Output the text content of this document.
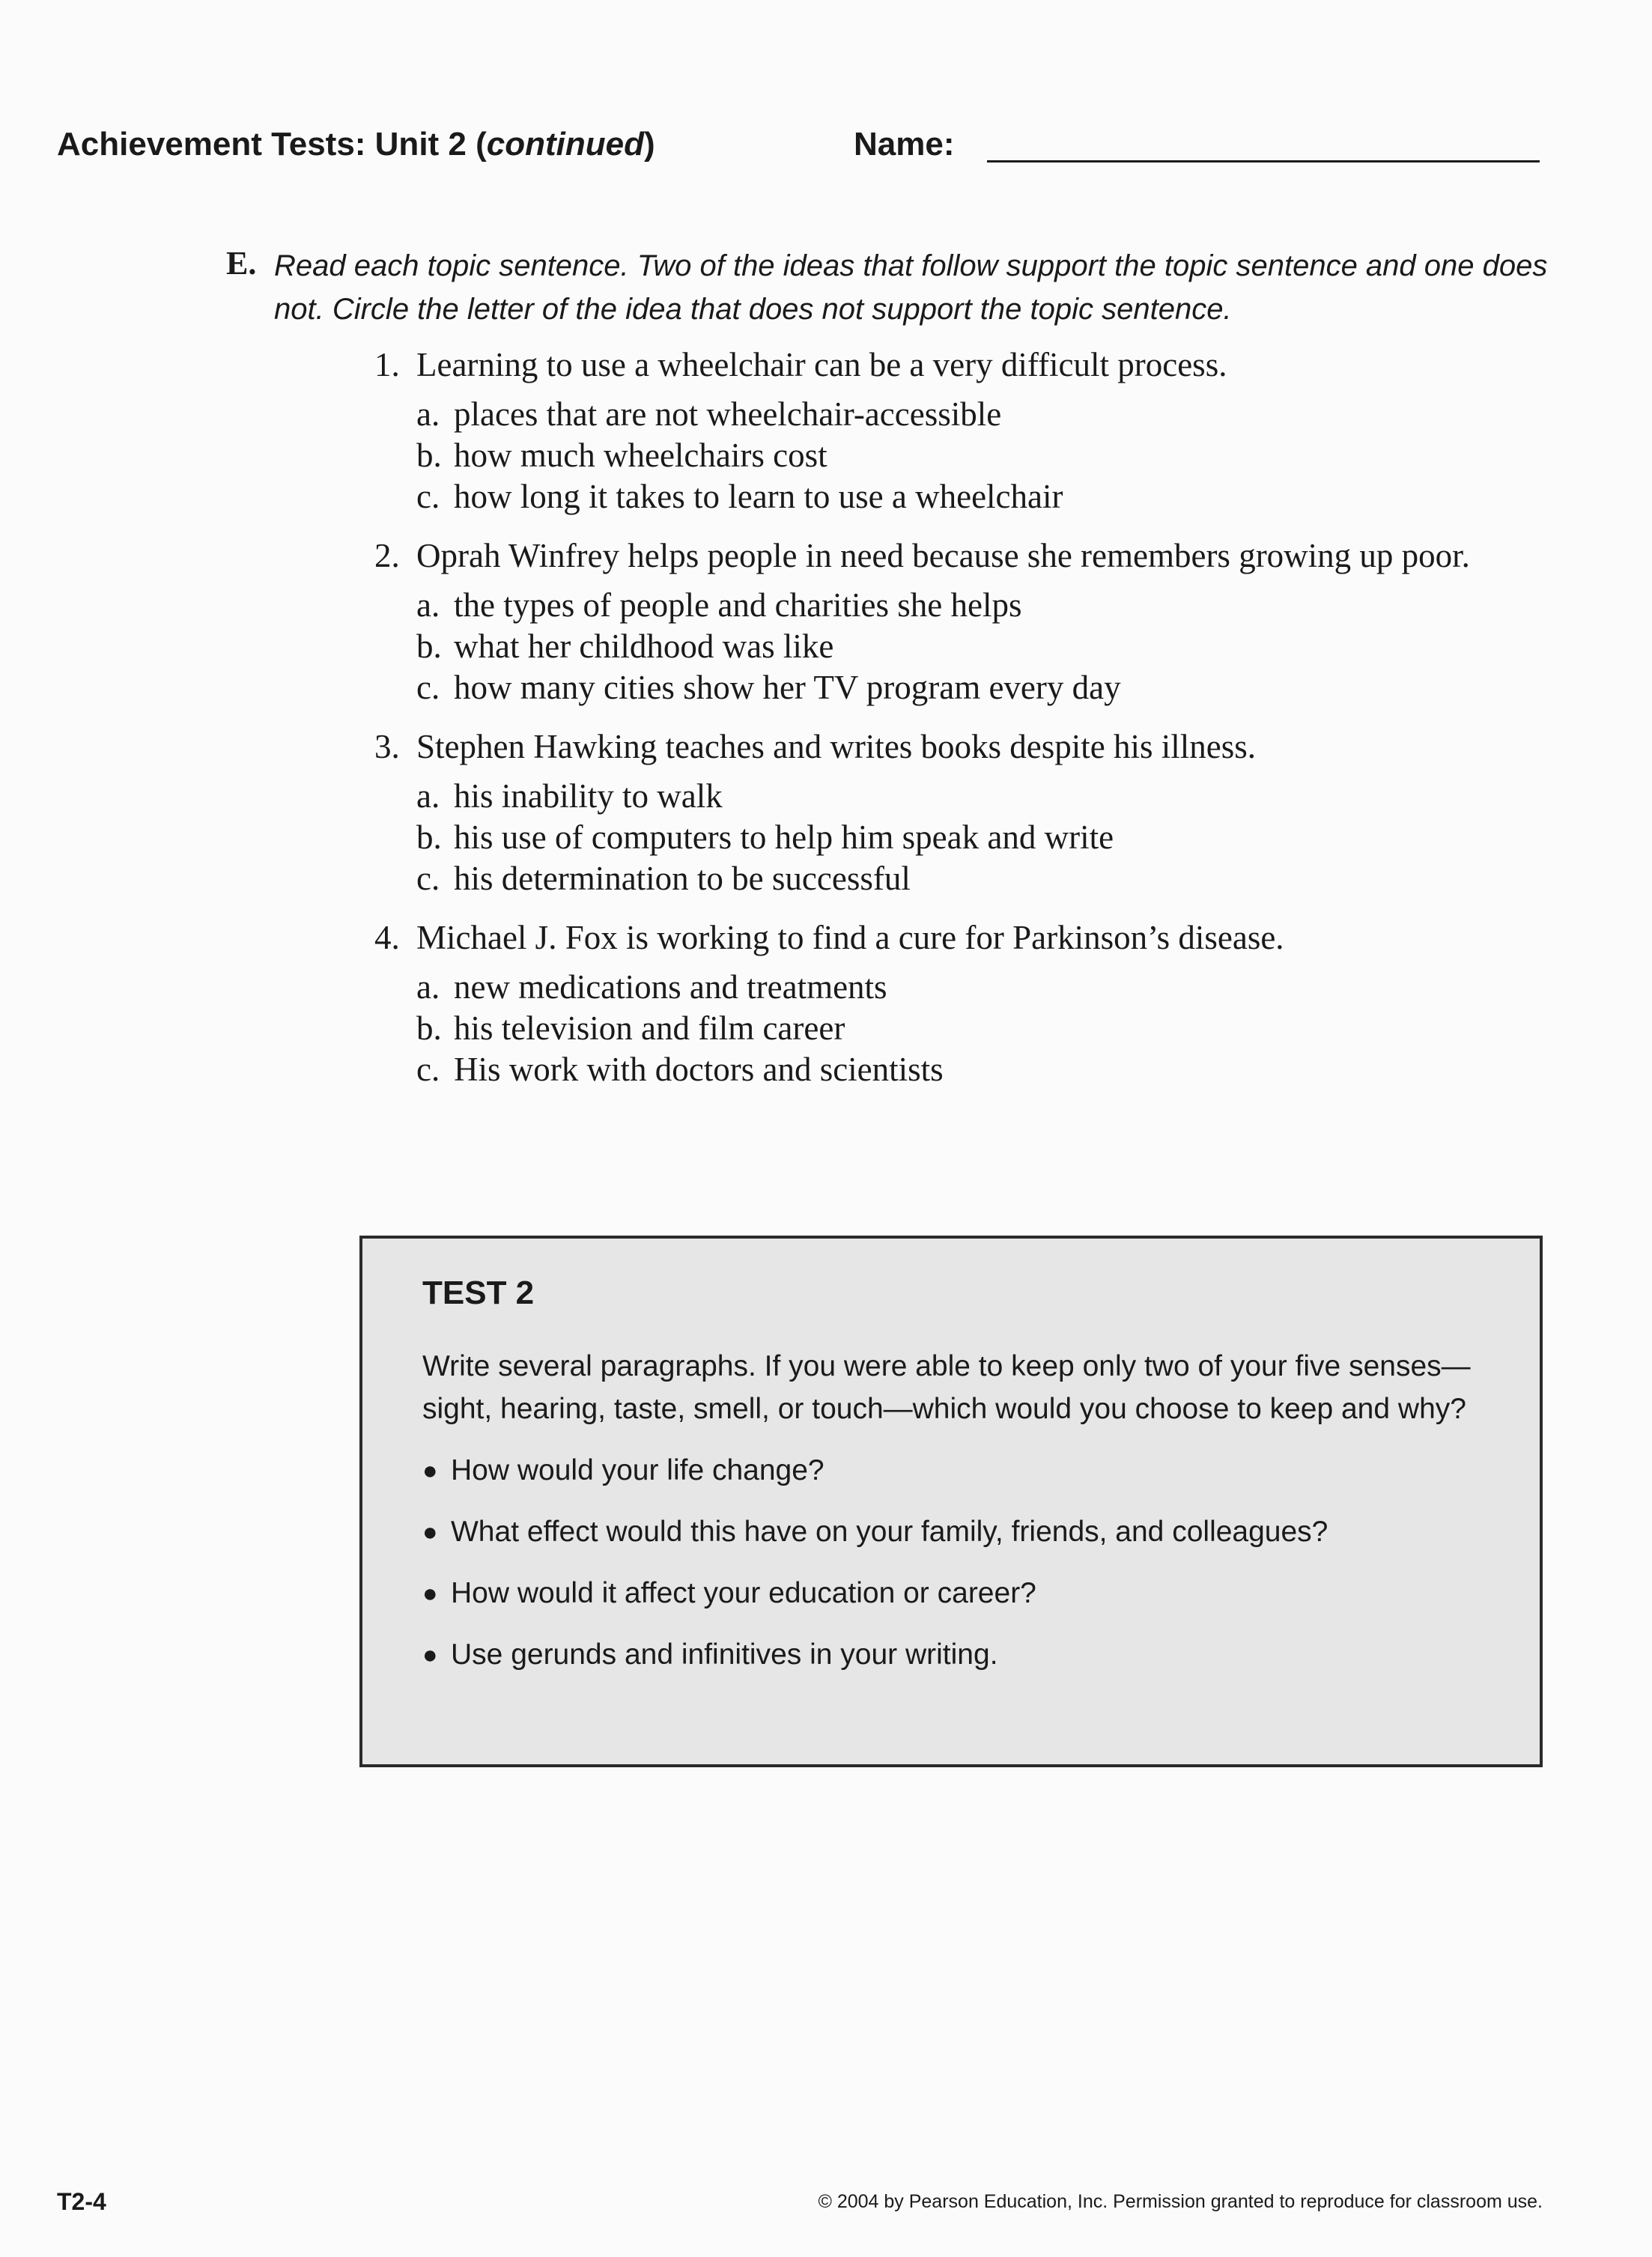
Achievement Tests: Unit 2 (continued)	Name:
E. Read each topic sentence. Two of the ideas that follow support the topic sentence and one does not. Circle the letter of the idea that does not support the topic sentence.
1. Learning to use a wheelchair can be a very difficult process.
a. places that are not wheelchair-accessible
b. how much wheelchairs cost
c. how long it takes to learn to use a wheelchair
2. Oprah Winfrey helps people in need because she remembers growing up poor.
a. the types of people and charities she helps
b. what her childhood was like
c. how many cities show her TV program every day
3. Stephen Hawking teaches and writes books despite his illness.
a. his inability to walk
b. his use of computers to help him speak and write
c. his determination to be successful
4. Michael J. Fox is working to find a cure for Parkinson’s disease.
a. new medications and treatments
b. his television and film career
c. His work with doctors and scientists
TEST 2
Write several paragraphs. If you were able to keep only two of your five senses—sight, hearing, taste, smell, or touch—which would you choose to keep and why?
● How would your life change?
● What effect would this have on your family, friends, and colleagues?
● How would it affect your education or career?
● Use gerunds and infinitives in your writing.
T2-4	© 2004 by Pearson Education, Inc. Permission granted to reproduce for classroom use.
